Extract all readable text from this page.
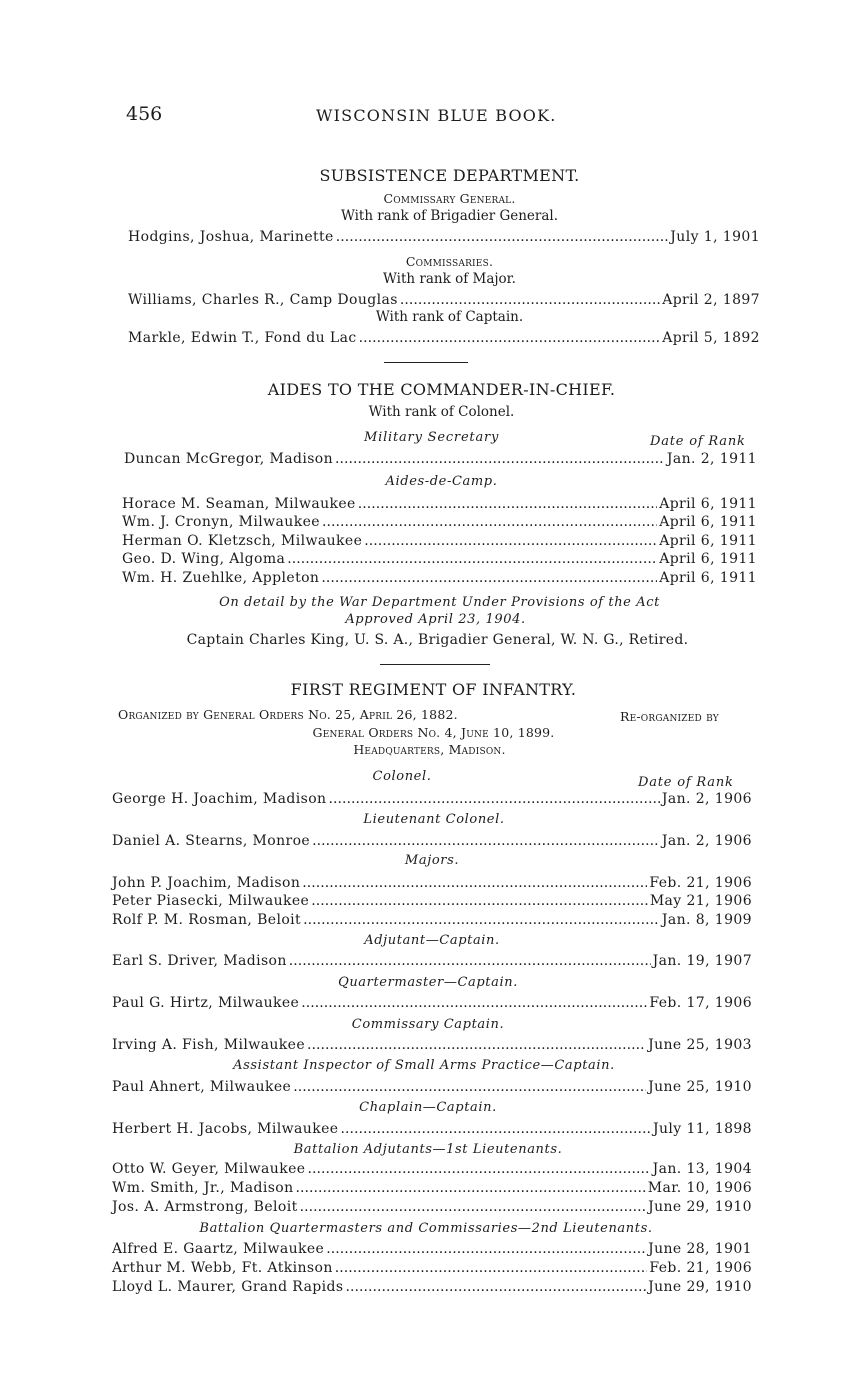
456	WISCONSIN BLUE BOOK.
SUBSISTENCE DEPARTMENT.
Commissary General.
With rank of Brigadier General.
Hodgins, Joshua, Marinette . . .	July 1, 1901
Commissaries.
With rank of Major.
Williams, Charles R., Camp Douglas . . .	April 2, 1897
With rank of Captain.
Markle, Edwin T., Fond du Lac . . .	April 5, 1892
AIDES TO THE COMMANDER-IN-CHIEF.
With rank of Colonel.
Military Secretary	Date of Rank
Duncan McGregor, Madison . . .	Jan. 2, 1911
Aides-de-Camp.
Horace M. Seaman, Milwaukee . . .	April 6, 1911
Wm. J. Cronyn, Milwaukee . . .	April 6, 1911
Herman O. Kletzsch, Milwaukee . . .	April 6, 1911
Geo. D. Wing, Algoma . . .	April 6, 1911
Wm. H. Zuehlke, Appleton . . .	April 6, 1911
On detail by the War Department Under Provisions of the Act
Approved April 23, 1904.
Captain Charles King, U. S. A., Brigadier General, W. N. G., Retired.
FIRST REGIMENT OF INFANTRY.
Organized by General Orders No. 25, April 26, 1882.	Re-organized by
General Orders No. 4, June 10, 1899.
Headquarters, Madison.
Date of Rank
Colonel.
George H. Joachim, Madison . . .	Jan. 2, 1906
Lieutenant Colonel.
Daniel A. Stearns, Monroe . . .	Jan. 2, 1906
Majors.
John P. Joachim, Madison . . .	Feb. 21, 1906
Peter Piasecki, Milwaukee . . .	May 21, 1906
Rolf P. M. Rosman, Beloit . . .	Jan. 8, 1909
Adjutant—Captain.
Earl S. Driver, Madison . . .	Jan. 19, 1907
Quartermaster—Captain.
Paul G. Hirtz, Milwaukee . . .	Feb. 17, 1906
Commissary Captain.
Irving A. Fish, Milwaukee . . .	June 25, 1903
Assistant Inspector of Small Arms Practice—Captain.
Paul Ahnert, Milwaukee . . .	June 25, 1910
Chaplain—Captain.
Herbert H. Jacobs, Milwaukee . . .	July 11, 1898
Battalion Adjutants—1st Lieutenants.
Otto W. Geyer, Milwaukee . . .	Jan. 13, 1904
Wm. Smith, Jr., Madison . . .	Mar. 10, 1906
Jos. A. Armstrong, Beloit . . .	June 29, 1910
Battalion Quartermasters and Commissaries—2nd Lieutenants.
Alfred E. Gaartz, Milwaukee . . .	June 28, 1901
Arthur M. Webb, Ft. Atkinson . . .	Feb. 21, 1906
Lloyd L. Maurer, Grand Rapids . . .	June 29, 1910
